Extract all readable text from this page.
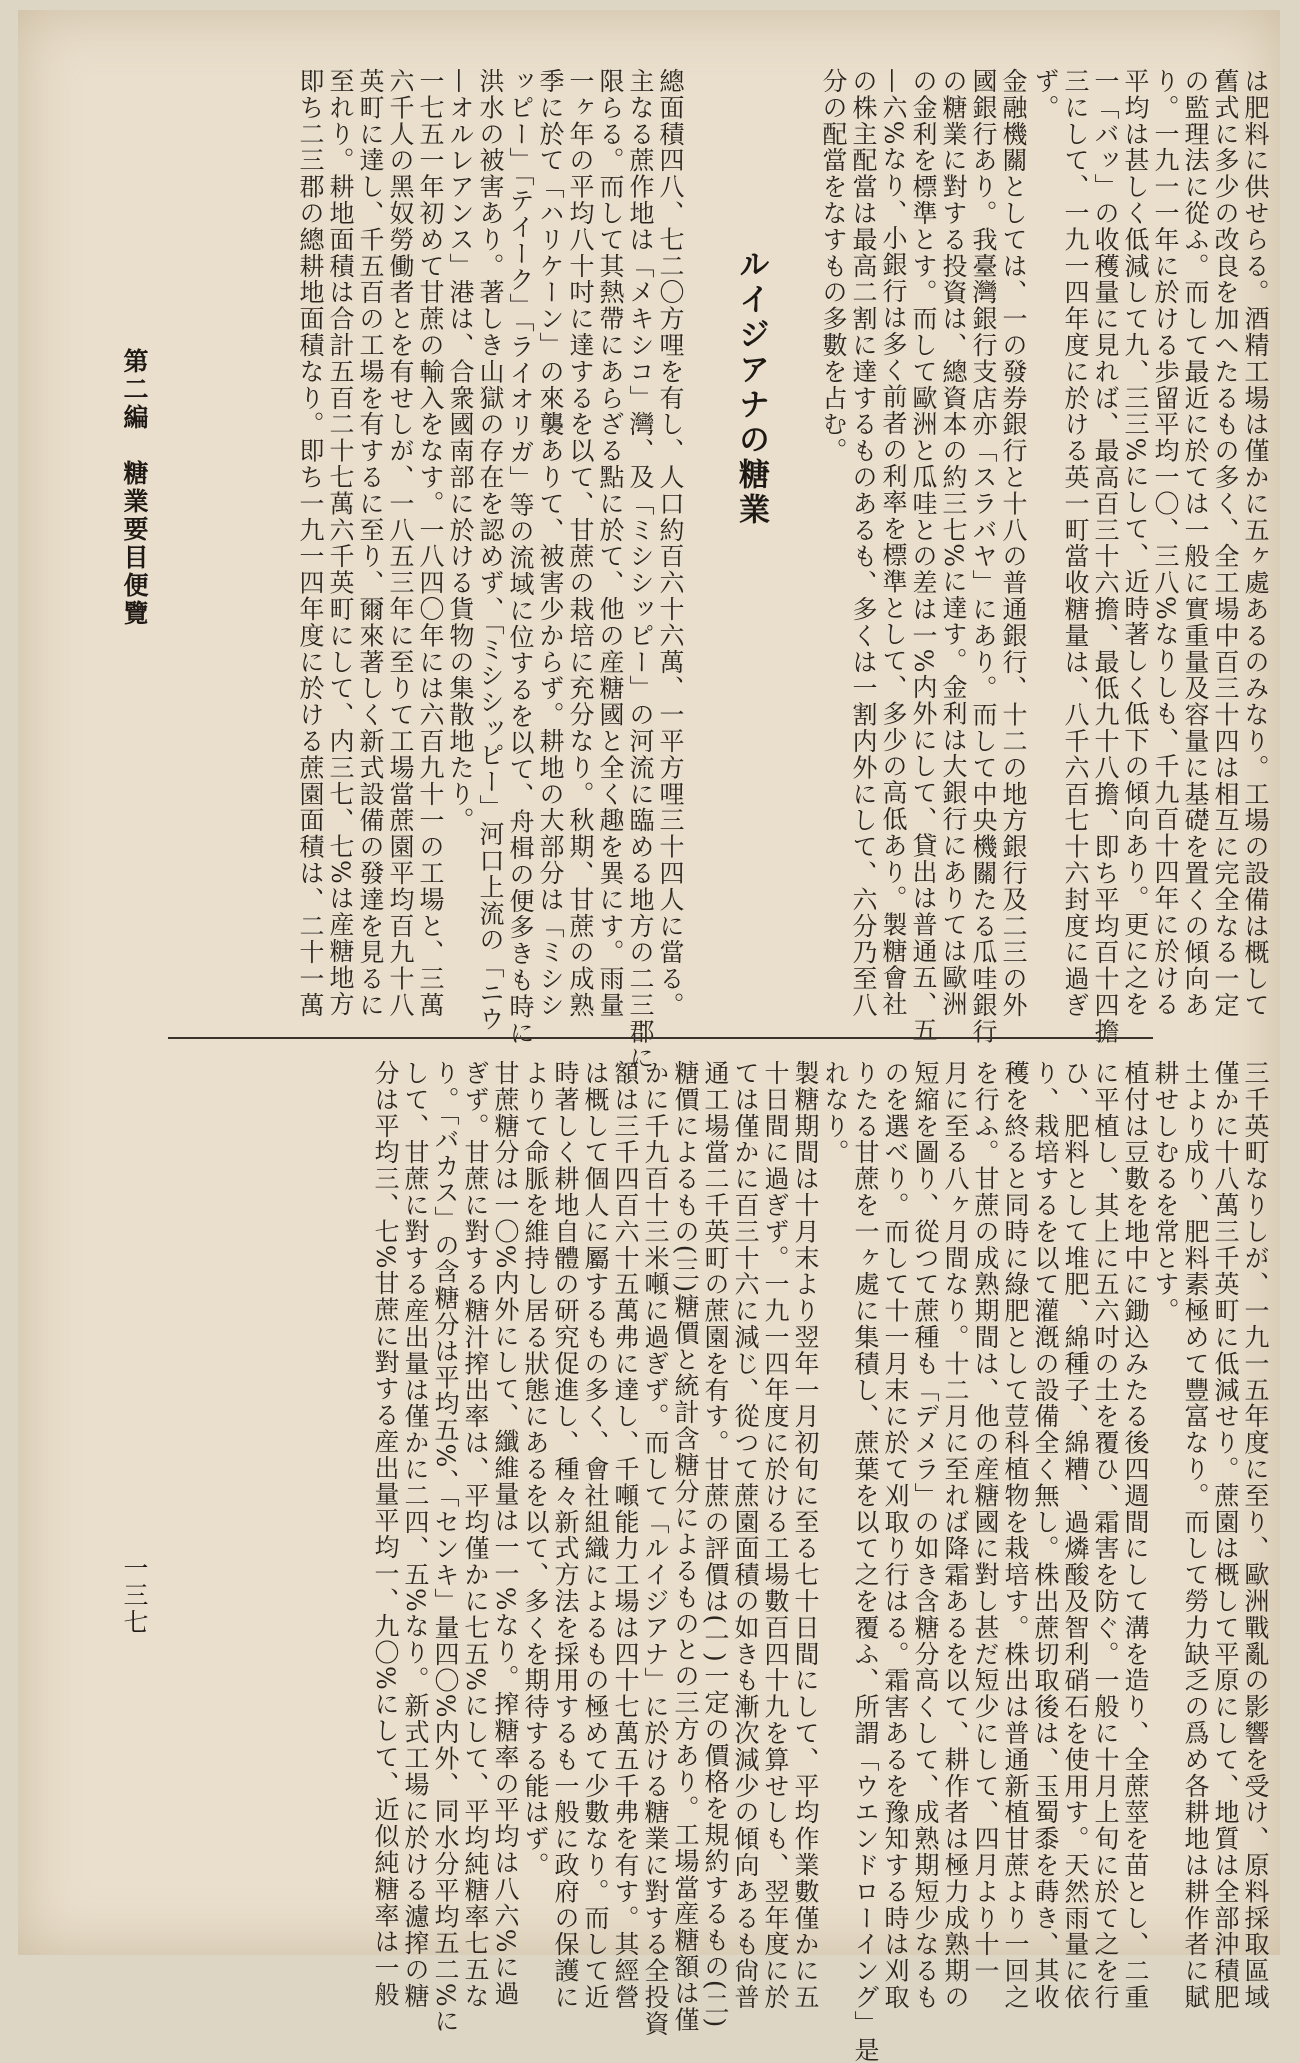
は肥料に供せらる。酒精工場は僅かに五ヶ處あるのみなり。工場の設備は概して
舊式に多少の改良を加へたるもの多く、全工場中百三十四は相互に完全なる一定
の監理法に從ふ。而して最近に於ては一般に實重量及容量に基礎を置くの傾向あ
り。一九一一年に於ける歩留平均一〇、三八%なりしも、千九百十四年に於ける
平均は甚しく低減して九、三三%にして、近時著しく低下の傾向あり。更に之を
一「バッ」の收穫量に見れば、最高百三十六擔、最低九十八擔、即ち平均百十四擔
三にして、一九一四年度に於ける英一町當收糖量は、八千六百七十六封度に過ぎ
ず。
金融機關としては、一の發券銀行と十八の普通銀行、十二の地方銀行及二三の外
國銀行あり。我臺灣銀行支店亦「スラバヤ」にあり。而して中央機關たる瓜哇銀行
の糖業に對する投資は、總資本の約三七%に達す。金利は大銀行にありては歐洲
の金利を標準とす。而して歐洲と瓜哇との差は一%内外にして、貸出は普通五、五
—六%なり、小銀行は多く前者の利率を標準として、多少の高低あり。製糖會社
の株主配當は最高二割に達するものあるも、多くは一割内外にして、六分乃至八
分の配當をなすもの多數を占む。
ルイジアナの糖業
總面積四八、七二〇方哩を有し、人口約百六十六萬、一平方哩三十四人に當る。
主なる蔗作地は「メキシコ」灣、及「ミシシッピー」の河流に臨める地方の二三郡に
限らる。而して其熱帶にあらざる點に於て、他の産糖國と全く趣を異にす。雨量
一ヶ年の平均八十吋に達するを以て、甘蔗の栽培に充分なり。秋期、甘蔗の成熟
季に於て「ハリケーン」の來襲ありて、被害少からず。耕地の大部分は「ミシシ
ッピー」「テイーク」「ライオリガ」等の流域に位するを以て、舟楫の便多きも時に
洪水の被害あり。著しき山獄の存在を認めず、「ミシシッピー」河口上流の「ニウ
—オルレアンス」港は、合衆國南部に於ける貨物の集散地たり。
一七五一年初めて甘蔗の輸入をなす。一八四〇年には六百九十一の工場と、三萬
六千人の黑奴勞働者とを有せしが、一八五三年に至りて工場當蔗園平均百九十八
英町に達し、千五百の工場を有するに至り、爾來著しく新式設備の發達を見るに
至れり。耕地面積は合計五百二十七萬六千英町にして、内三七、七%は産糖地方
即ち二三郡の總耕地面積なり。即ち一九一四年度に於ける蔗園面積は、二十一萬
三千英町なりしが、一九一五年度に至り、歐洲戰亂の影響を受け、原料採取區域
僅かに十八萬三千英町に低減せり。蔗園は概して平原にして、地質は全部沖積肥
土より成り、肥料素極めて豐富なり。而して勞力缺乏の爲め各耕地は耕作者に賦
耕せしむるを常とす。
植付は豆數を地中に鋤込みたる後四週間にして溝を造り、全蔗莖を苗とし、二重
に平植し、其上に五六吋の土を覆ひ、霜害を防ぐ。一般に十月上旬に於て之を行
ひ、肥料として堆肥、綿種子、綿糟、過燐酸及智利硝石を使用す。天然雨量に依
り、栽培するを以て灌漑の設備全く無し。株出蔗切取後は、玉蜀黍を蒔き、其收
穫を終ると同時に綠肥として荳科植物を栽培す。株出は普通新植甘蔗より一回之
を行ふ。甘蔗の成熟期間は、他の産糖國に對し甚だ短少にして、四月より十一
月に至る八ヶ月間なり。十二月に至れば降霜あるを以て、耕作者は極力成熟期の
短縮を圖り、從つて蔗種も「デメラ」の如き含糖分高くして、成熟期短少なるも
のを選べり。而して十一月末に於て刈取り行はる。霜害あるを豫知する時は刈取
りたる甘蔗を一ヶ處に集積し、蔗葉を以て之を覆ふ、所謂「ウエンドローイング」是
れなり。
製糖期間は十月末より翌年一月初旬に至る七十日間にして、平均作業數僅かに五
十日間に過ぎず。一九一四年度に於ける工場數百四十九を算せしも、翌年度に於
ては僅かに百三十六に減じ、從つて蔗園面積の如きも漸次減少の傾向あるも尙普
通工場當二千英町の蔗園を有す。甘蔗の評價は(一)一定の價格を規約するもの(二)
糖價によるもの(三)糖價と統計含糖分によるものとの三方あり。工場當産糖額は僅
かに千九百十三米噸に過ぎず。而して「ルイジアナ」に於ける糖業に對する全投資
額は三千四百六十五萬弗に達し、千噸能力工場は四十七萬五千弗を有す。其經營
は概して個人に屬するもの多く、會社組織によるもの極めて少數なり。而して近
時著しく耕地自體の研究促進し、種々新式方法を採用するも一般に政府の保護に
よりて命脈を維持し居る狀態にあるを以て、多くを期待する能はず。
甘蔗糖分は一〇%内外にして、纖維量は一一%なり。搾糖率の平均は八六%に過
ぎず。甘蔗に對する糖汁搾出率は、平均僅かに七五%にして、平均純糖率七五な
り。「バカス」の含糖分は平均五%、「センキ」量四〇%内外、同水分平均五二%に
して、甘蔗に對する産出量は僅かに二四、五%なり。新式工場に於ける濾搾の糖
分は平均三、七%甘蔗に對する産出量平均一、九〇%にして、近似純糖率は一般
第二編　糖業要目便覽
一三七
